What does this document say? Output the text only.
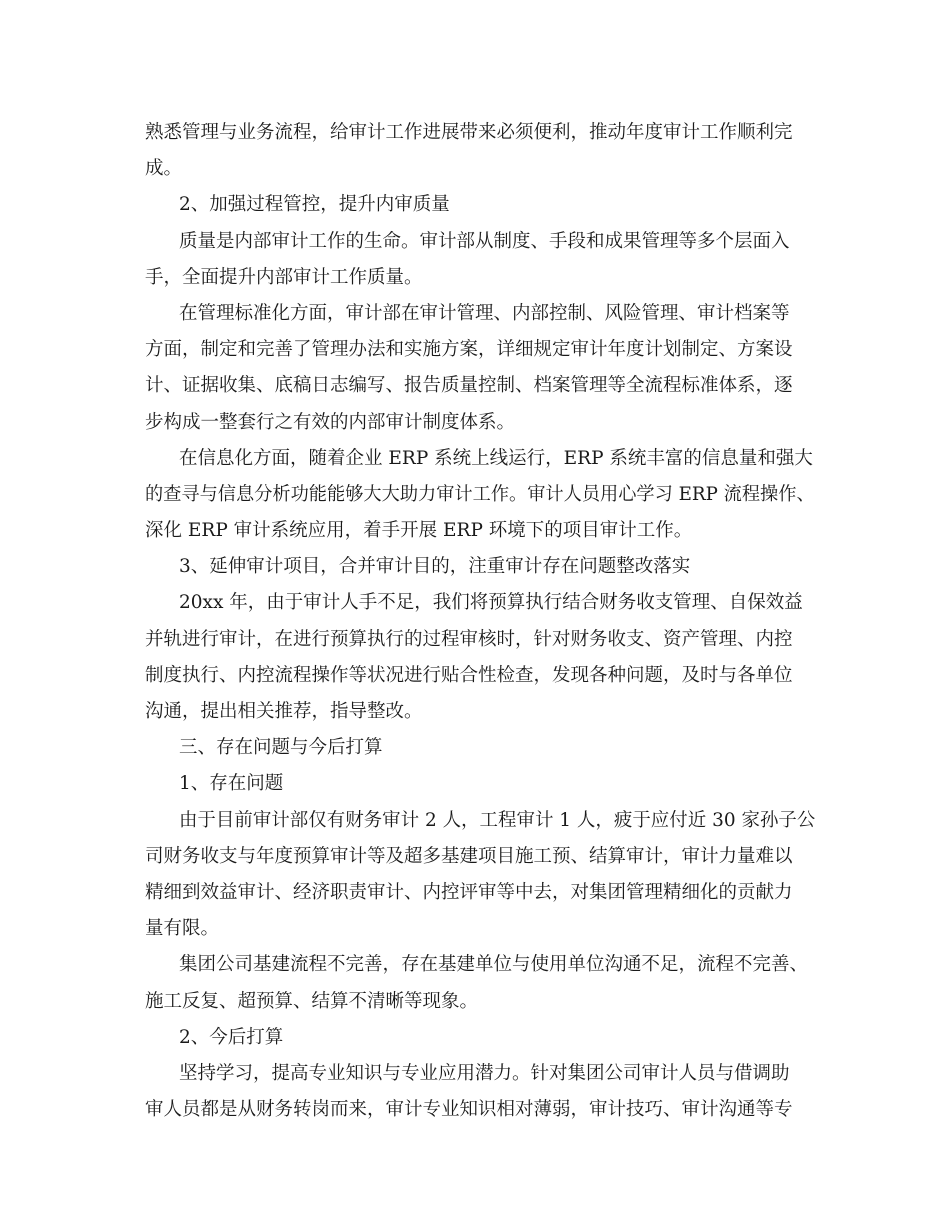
熟悉管理与业务流程，给审计工作进展带来必须便利，推动年度审计工作顺利完
成。
2、加强过程管控，提升内审质量
质量是内部审计工作的生命。审计部从制度、手段和成果管理等多个层面入
手，全面提升内部审计工作质量。
在管理标准化方面，审计部在审计管理、内部控制、风险管理、审计档案等
方面，制定和完善了管理办法和实施方案，详细规定审计年度计划制定、方案设
计、证据收集、底稿日志编写、报告质量控制、档案管理等全流程标准体系，逐
步构成一整套行之有效的内部审计制度体系。
在信息化方面，随着企业 ERP 系统上线运行，ERP 系统丰富的信息量和强大
的查寻与信息分析功能能够大大助力审计工作。审计人员用心学习 ERP 流程操作、
深化 ERP 审计系统应用，着手开展 ERP 环境下的项目审计工作。
3、延伸审计项目，合并审计目的，注重审计存在问题整改落实
20xx 年，由于审计人手不足，我们将预算执行结合财务收支管理、自保效益
并轨进行审计，在进行预算执行的过程审核时，针对财务收支、资产管理、内控
制度执行、内控流程操作等状况进行贴合性检查，发现各种问题，及时与各单位
沟通，提出相关推荐，指导整改。
三、存在问题与今后打算
1、存在问题
由于目前审计部仅有财务审计 2 人，工程审计 1 人，疲于应付近 30 家孙子公
司财务收支与年度预算审计等及超多基建项目施工预、结算审计，审计力量难以
精细到效益审计、经济职责审计、内控评审等中去，对集团管理精细化的贡献力
量有限。
集团公司基建流程不完善，存在基建单位与使用单位沟通不足，流程不完善、
施工反复、超预算、结算不清晰等现象。
2、今后打算
坚持学习，提高专业知识与专业应用潜力。针对集团公司审计人员与借调助
审人员都是从财务转岗而来，审计专业知识相对薄弱，审计技巧、审计沟通等专
